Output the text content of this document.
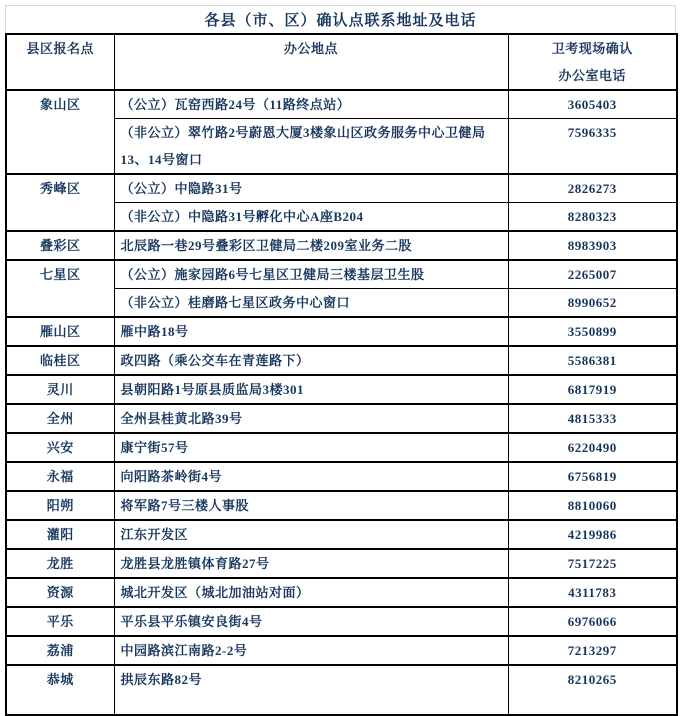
各县（市、区）确认点联系地址及电话
县区报名点	办公地点	卫考现场确认
办公室电话
象山区	（公立）瓦窑西路24号（11路终点站）	3605403
	（非公立）翠竹路2号蔚恩大厦3楼象山区政务服务中心卫健局13、14号窗口	7596335
秀峰区	（公立）中隐路31号	2826273
	（非公立）中隐路31号孵化中心A座B204	8280323
叠彩区	北辰路一巷29号叠彩区卫健局二楼209室业务二股	8983903
七星区	（公立）施家园路6号七星区卫健局三楼基层卫生股	2265007
	（非公立）桂磨路七星区政务中心窗口	8990652
雁山区	雁中路18号	3550899
临桂区	政四路（乘公交车在青莲路下）	5586381
灵川	县朝阳路1号原县质监局3楼301	6817919
全州	全州县桂黄北路39号	4815333
兴安	康宁街57号	6220490
永福	向阳路茶岭街4号	6756819
阳朔	将军路7号三楼人事股	8810060
灌阳	江东开发区	4219986
龙胜	龙胜县龙胜镇体育路27号	7517225
资源	城北开发区（城北加油站对面）	4311783
平乐	平乐县平乐镇安良街4号	6976066
荔浦	中园路滨江南路2-2号	7213297
恭城	拱辰东路82号	8210265
